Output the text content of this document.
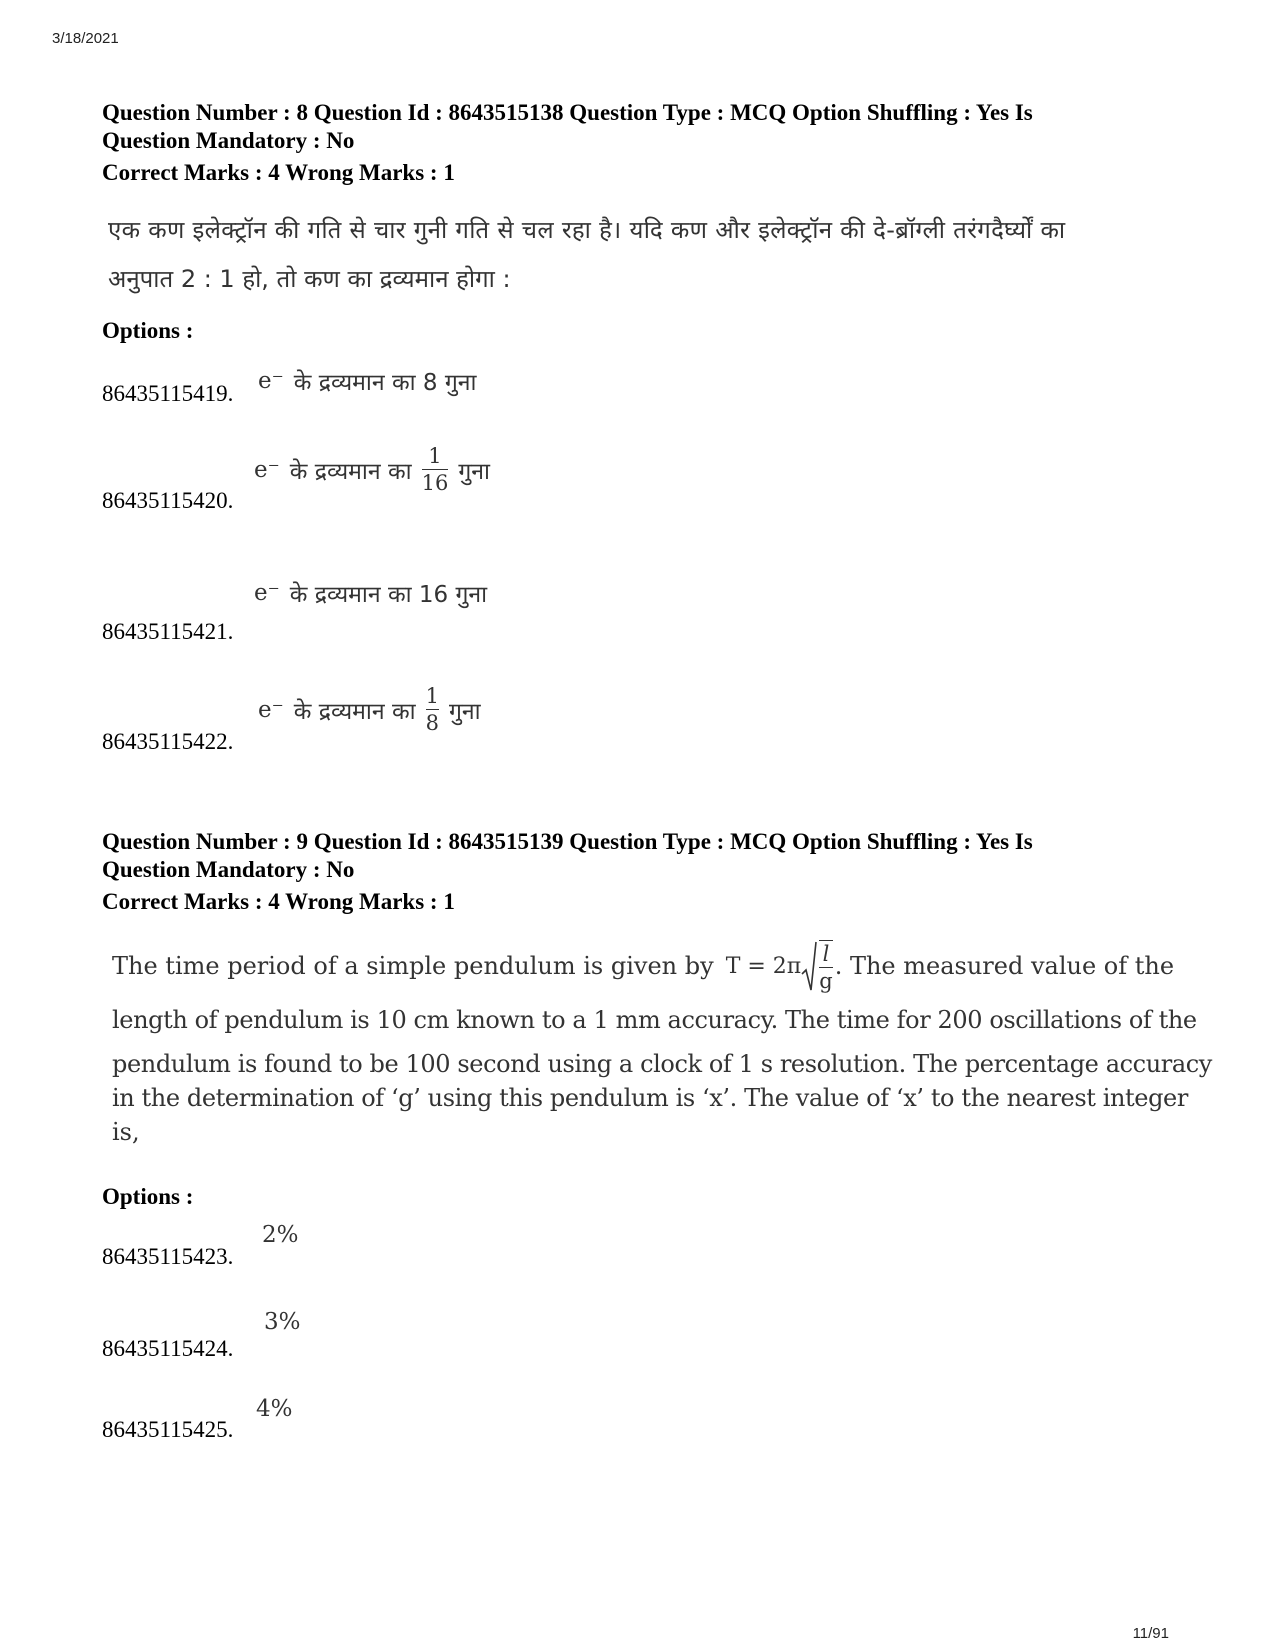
3/18/2021
Question Number : 8 Question Id : 8643515138 Question Type : MCQ Option Shuffling : Yes Is
Question Mandatory : No
Correct Marks : 4 Wrong Marks : 1
एक कण इलेक्ट्रॉन की गति से चार गुनी गति से चल रहा है। यदि कण और इलेक्ट्रॉन की दे-ब्रॉग्ली तरंगदैर्घ्यों का
अनुपात 2 : 1 हो, तो कण का द्रव्यमान होगा :
Options :
86435115419. e⁻ के द्रव्यमान का 8 गुना
86435115420.
e⁻ के द्रव्यमान का $\frac{1}{16}$ गुना
86435115421.
e⁻ के द्रव्यमान का 16 गुना
86435115422.
e⁻ के द्रव्यमान का $\frac{1}{8}$ गुना
Question Number : 9 Question Id : 8643515139 Question Type : MCQ Option Shuffling : Yes Is
Question Mandatory : No
Correct Marks : 4 Wrong Marks : 1
The time period of a simple pendulum is given by $T = 2\pi \frac{l}{g}$ . The measured value of the
length of pendulum is 10 cm known to a 1 mm accuracy. The time for 200 oscillations of the
pendulum is found to be 100 second using a clock of 1 s resolution. The percentage accuracy
in the determination of ‘g’ using this pendulum is ‘x’. The value of ‘x’ to the nearest integer
is,
Options :
86435115423.
2%
86435115424.
3%
86435115425.
4%
11/91
